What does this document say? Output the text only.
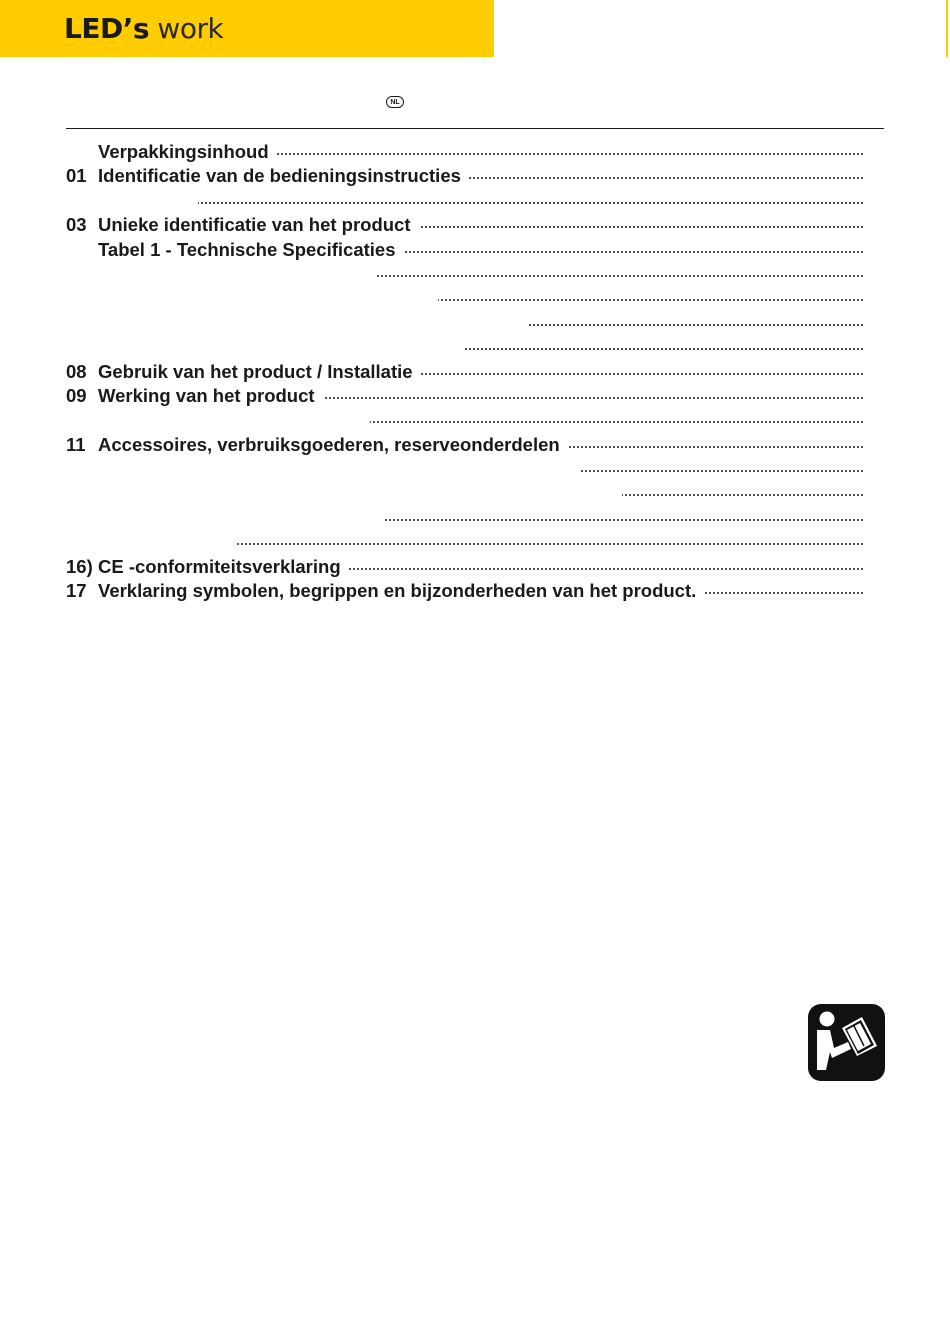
LED’s work
NL
Verpakkingsinhoud
01 Identificatie van de bedieningsinstructies
03 Unieke identificatie van het product
Tabel 1 - Technische Specificaties
08 Gebruik van het product / Installatie
09 Werking van het product
11 Accessoires, verbruiksgoederen, reserveonderdelen
16) CE -conformiteitsverklaring
17 Verklaring symbolen, begrippen en bijzonderheden van het product.
